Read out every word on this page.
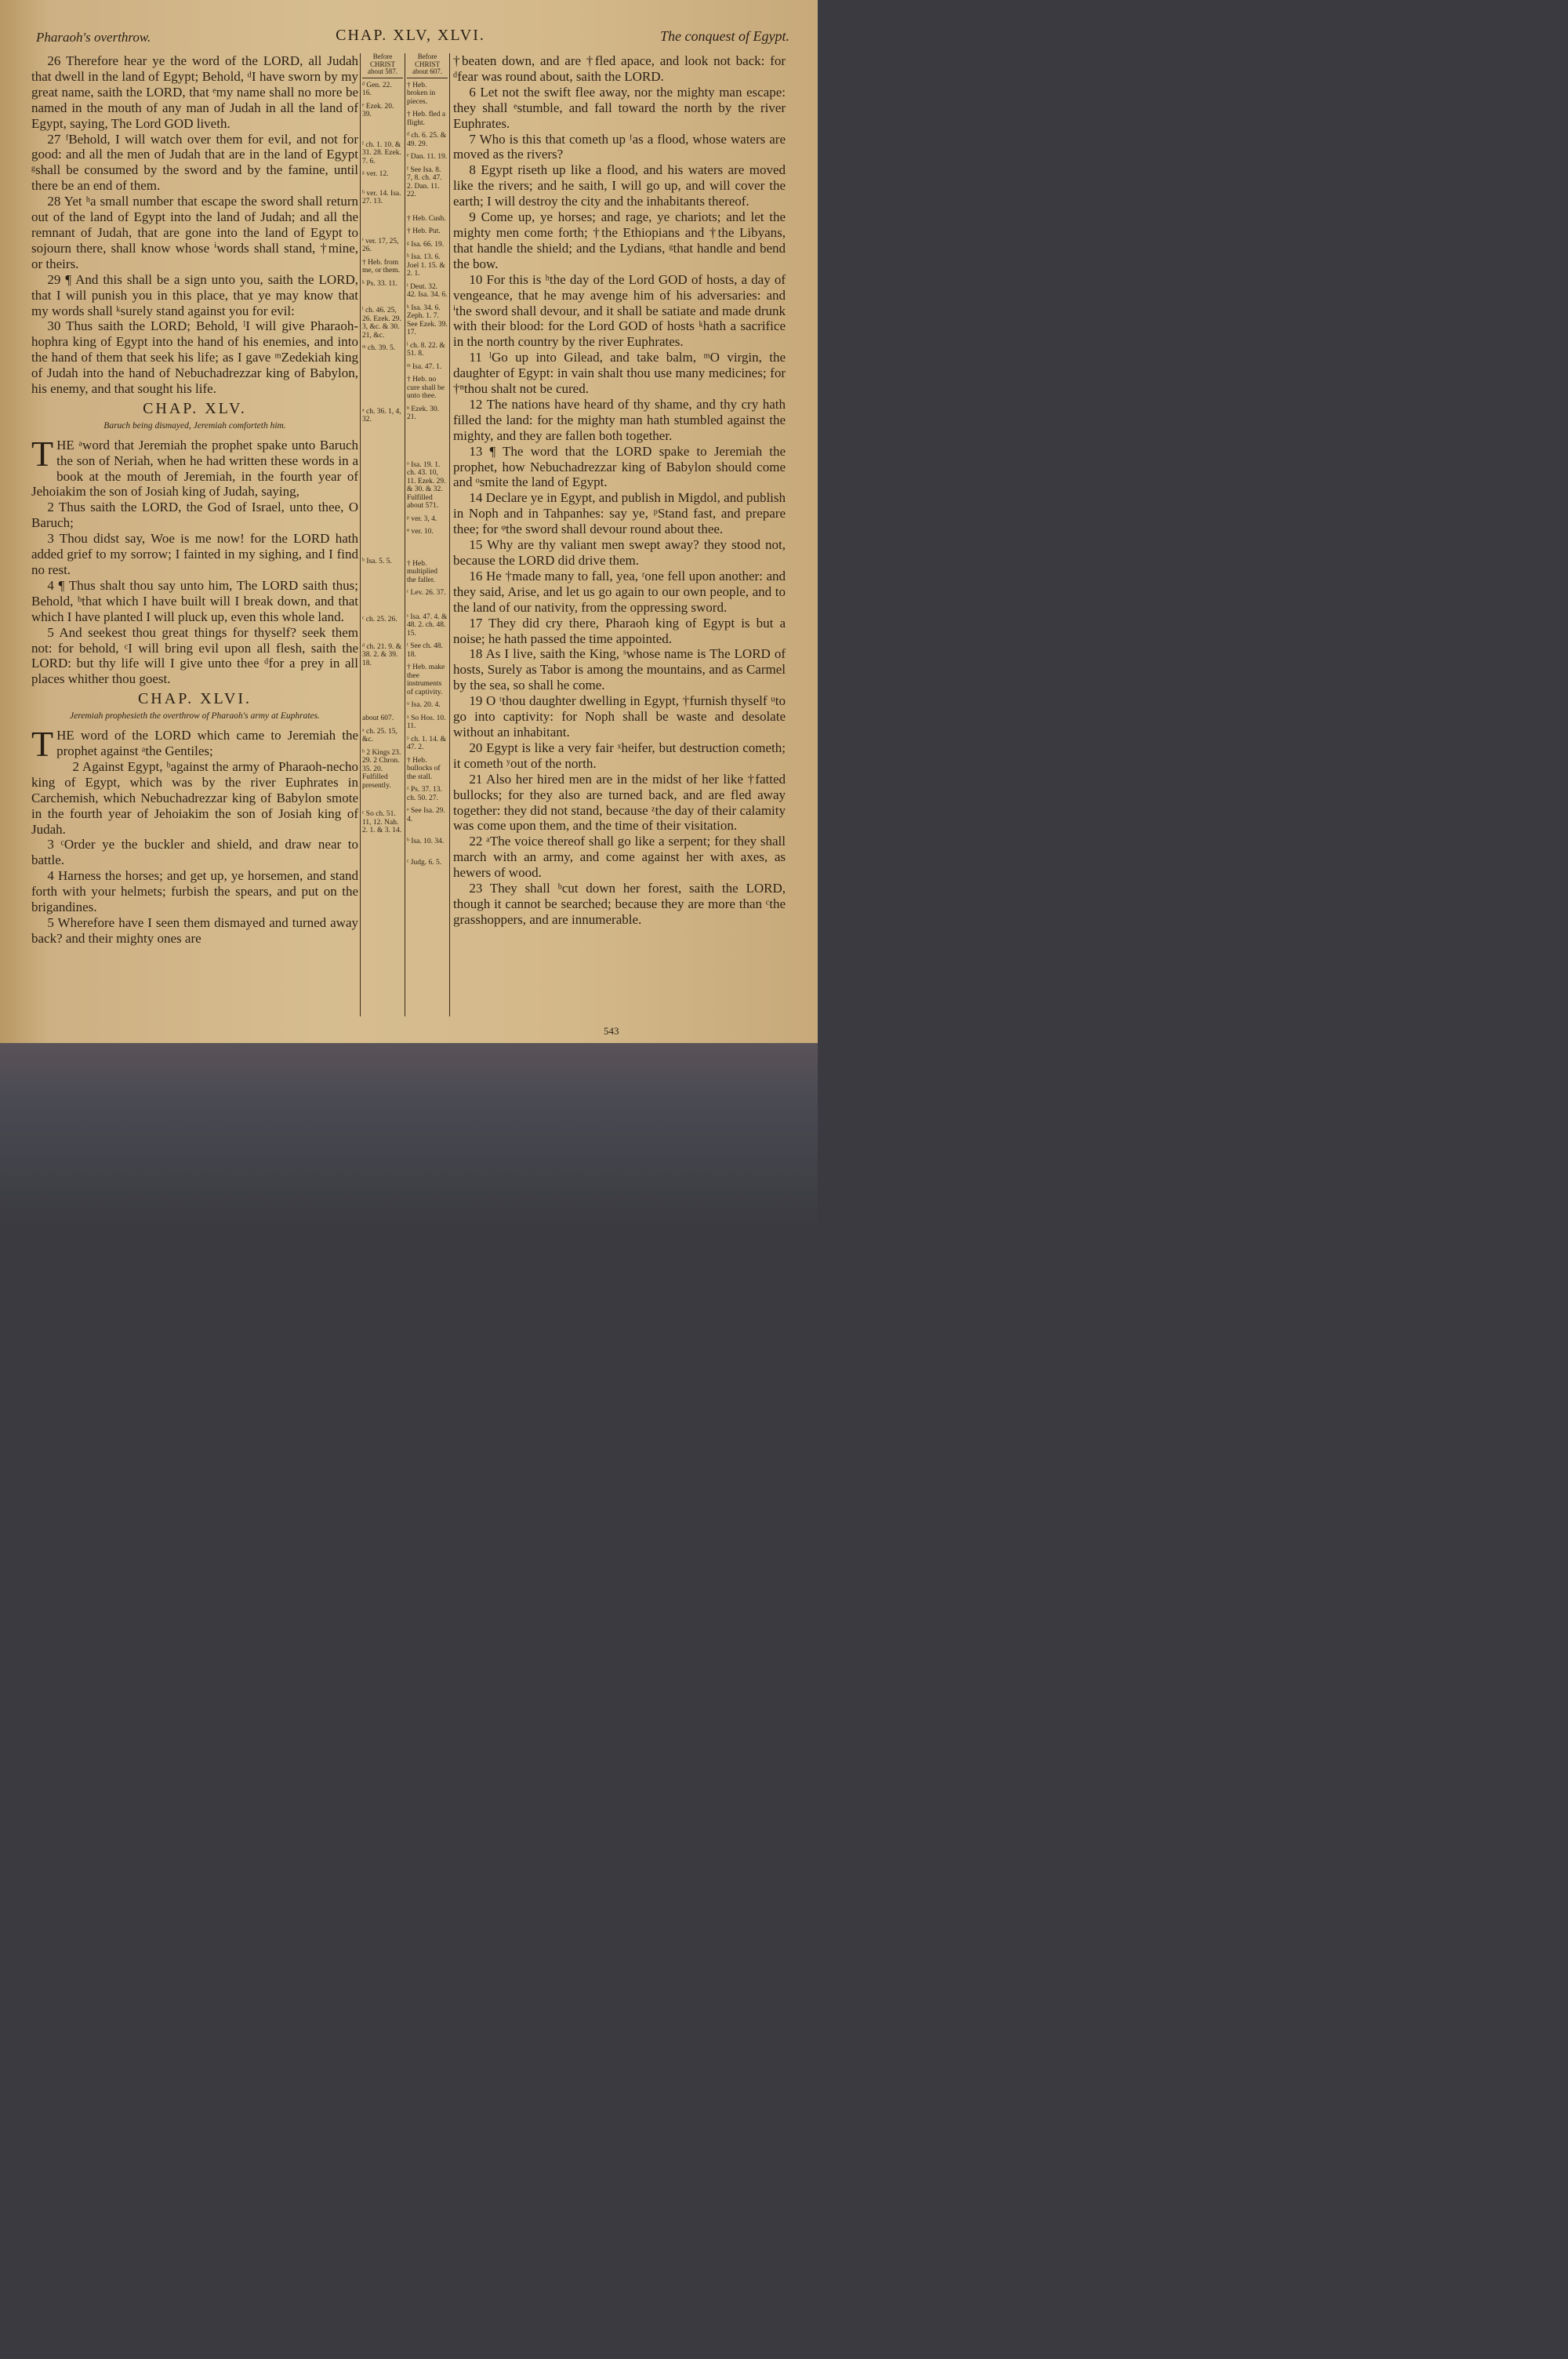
Pharaoh's overthrow.	CHAP. XLV, XLVI.	The conquest of Egypt.

26 Therefore hear ye the word of the LORD, all Judah that dwell in the land of Egypt; Behold, ᵈI have sworn by my great name, saith the LORD, that ᵉmy name shall no more be named in the mouth of any man of Judah in all the land of Egypt, saying, The Lord GOD liveth.

27 ᶠBehold, I will watch over them for evil, and not for good: and all the men of Judah that are in the land of Egypt ᵍshall be consumed by the sword and by the famine, until there be an end of them.

28 Yet ʰa small number that escape the sword shall return out of the land of Egypt into the land of Judah; and all the remnant of Judah, that are gone into the land of Egypt to sojourn there, shall know whose ⁱwords shall stand, †mine, or theirs.

29 ¶ And this shall be a sign unto you, saith the LORD, that I will punish you in this place, that ye may know that my words shall ᵏsurely stand against you for evil:

30 Thus saith the LORD; Behold, ˡI will give Pharaoh-hophra king of Egypt into the hand of his enemies, and into the hand of them that seek his life; as I gave ᵐZedekiah king of Judah into the hand of Nebuchadrezzar king of Babylon, his enemy, and that sought his life.

CHAP. XLV.
Baruch being dismayed, Jeremiah comforteth him.

THE ᵃword that Jeremiah the prophet spake unto Baruch the son of Neriah, when he had written these words in a book at the mouth of Jeremiah, in the fourth year of Jehoiakim the son of Josiah king of Judah, saying,

2 Thus saith the LORD, the God of Israel, unto thee, O Baruch;

3 Thou didst say, Woe is me now! for the LORD hath added grief to my sorrow; I fainted in my sighing, and I find no rest.

4 ¶ Thus shalt thou say unto him, The LORD saith thus; Behold, ᵇthat which I have built will I break down, and that which I have planted I will pluck up, even this whole land.

5 And seekest thou great things for thyself? seek them not: for behold, ᶜI will bring evil upon all flesh, saith the LORD: but thy life will I give unto thee ᵈfor a prey in all places whither thou goest.

CHAP. XLVI.
Jeremiah prophesieth the overthrow of Pharaoh's army at Euphrates.

THE word of the LORD which came to Jeremiah the prophet against ᵃthe Gentiles;

2 Against Egypt, ᵇagainst the army of Pharaoh-necho king of Egypt, which was by the river Euphrates in Carchemish, which Nebuchadrezzar king of Babylon smote in the fourth year of Jehoiakim the son of Josiah king of Judah.

3 ᶜOrder ye the buckler and shield, and draw near to battle.

4 Harness the horses; and get up, ye horsemen, and stand forth with your helmets; furbish the spears, and put on the brigandines.

5 Wherefore have I seen them dismayed and turned away back? and their mighty ones are

Before CHRIST about 587.
ᵈ Gen. 22. 16.
ᵉ Ezek. 20. 39.
ᶠ ch. 1. 10. & 31. 28. Ezek. 7. 6.
ᵍ ver. 12.
ʰ ver. 14. Isa. 27. 13.
ⁱ ver. 17, 25, 26.
† Heb. from me, or them.
ᵏ Ps. 33. 11.
ˡ ch. 46. 25, 26. Ezek. 29. 3, &c. & 30. 21, &c.
ᵐ ch. 39. 5.
ᵃ ch. 36. 1, 4, 32.
ᵇ Isa. 5. 5.
ᶜ ch. 25. 26.
ᵈ ch. 21. 9. & 38. 2. & 39. 18.
about 607.
ᵃ ch. 25. 15, &c.
ᵇ 2 Kings 23. 29. 2 Chron. 35. 20. Fulfilled presently.
ᶜ So ch. 51. 11, 12. Nah. 2. 1. & 3. 14.
Before CHRIST about 607.
† Heb. broken in pieces.
† Heb. fled a flight.
ᵈ ch. 6. 25. & 49. 29.
ᵉ Dan. 11. 19.
ᶠ See Isa. 8. 7, 8. ch. 47. 2. Dan. 11. 22.
† Heb. Cush.
† Heb. Put.
ᵍ Isa. 66. 19.
ʰ Isa. 13. 6. Joel 1. 15. & 2. 1.
ⁱ Deut. 32. 42. Isa. 34. 6.
ᵏ Isa. 34. 6. Zeph. 1. 7. See Ezek. 39. 17.
ˡ ch. 8. 22. & 51. 8.
ᵐ Isa. 47. 1.
† Heb. no cure shall be unto thee.
ⁿ Ezek. 30. 21.
ᵒ Isa. 19. 1. ch. 43. 10, 11. Ezek. 29. & 30. & 32. Fulfilled about 571.
ᵖ ver. 3, 4.
ᵠ ver. 10.
† Heb. multiplied the faller.
ʳ Lev. 26. 37.
ˢ Isa. 47. 4. & 48. 2. ch. 48. 15.
ᵗ See ch. 48. 18.
† Heb. make thee instruments of captivity.
ᵘ Isa. 20. 4.
ˣ So Hos. 10. 11.
ʸ ch. 1. 14. & 47. 2.
† Heb. bullocks of the stall.
ᶻ Ps. 37. 13. ch. 50. 27.
ᵃ See Isa. 29. 4.
ᵇ Isa. 10. 34.
ᶜ Judg. 6. 5.

†beaten down, and are †fled apace, and look not back: for ᵈfear was round about, saith the LORD.

6 Let not the swift flee away, nor the mighty man escape: they shall ᵉstumble, and fall toward the north by the river Euphrates.

7 Who is this that cometh up ᶠas a flood, whose waters are moved as the rivers?

8 Egypt riseth up like a flood, and his waters are moved like the rivers; and he saith, I will go up, and will cover the earth; I will destroy the city and the inhabitants thereof.

9 Come up, ye horses; and rage, ye chariots; and let the mighty men come forth; †the Ethiopians and †the Libyans, that handle the shield; and the Lydians, ᵍthat handle and bend the bow.

10 For this is ʰthe day of the Lord GOD of hosts, a day of vengeance, that he may avenge him of his adversaries: and ⁱthe sword shall devour, and it shall be satiate and made drunk with their blood: for the Lord GOD of hosts ᵏhath a sacrifice in the north country by the river Euphrates.

11 ˡGo up into Gilead, and take balm, ᵐO virgin, the daughter of Egypt: in vain shalt thou use many medicines; for †ⁿthou shalt not be cured.

12 The nations have heard of thy shame, and thy cry hath filled the land: for the mighty man hath stumbled against the mighty, and they are fallen both together.

13 ¶ The word that the LORD spake to Jeremiah the prophet, how Nebuchadrezzar king of Babylon should come and ᵒsmite the land of Egypt.

14 Declare ye in Egypt, and publish in Migdol, and publish in Noph and in Tahpanhes: say ye, ᵖStand fast, and prepare thee; for ᵠthe sword shall devour round about thee.

15 Why are thy valiant men swept away? they stood not, because the LORD did drive them.

16 He †made many to fall, yea, ʳone fell upon another: and they said, Arise, and let us go again to our own people, and to the land of our nativity, from the oppressing sword.

17 They did cry there, Pharaoh king of Egypt is but a noise; he hath passed the time appointed.

18 As I live, saith the King, ˢwhose name is The LORD of hosts, Surely as Tabor is among the mountains, and as Carmel by the sea, so shall he come.

19 O ᵗthou daughter dwelling in Egypt, †furnish thyself ᵘto go into captivity: for Noph shall be waste and desolate without an inhabitant.

20 Egypt is like a very fair ˣheifer, but destruction cometh; it cometh ʸout of the north.

21 Also her hired men are in the midst of her like †fatted bullocks; for they also are turned back, and are fled away together: they did not stand, because ᶻthe day of their calamity was come upon them, and the time of their visitation.

22 ᵃThe voice thereof shall go like a serpent; for they shall march with an army, and come against her with axes, as hewers of wood.

23 They shall ᵇcut down her forest, saith the LORD, though it cannot be searched; because they are more than ᶜthe grasshoppers, and are innumerable.

543
